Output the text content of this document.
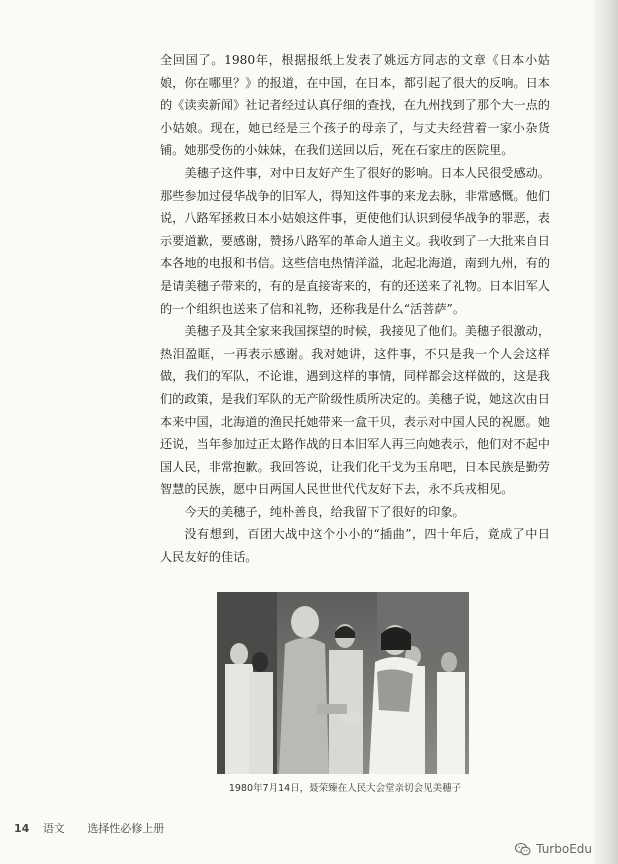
全回国了。1980年，根据报纸上发表了姚远方同志的文章《日本小姑娘，你在哪里？》的报道，在中国，在日本，都引起了很大的反响。日本的《读卖新闻》社记者经过认真仔细的查找，在九州找到了那个大一点的小姑娘。现在，她已经是三个孩子的母亲了，与丈夫经营着一家小杂货铺。她那受伤的小妹妹，在我们送回以后，死在石家庄的医院里。

美穗子这件事，对中日友好产生了很好的影响。日本人民很受感动。那些参加过侵华战争的旧军人，得知这件事的来龙去脉，非常感慨。他们说，八路军拯救日本小姑娘这件事，更使他们认识到侵华战争的罪恶，表示要道歉，要感谢，赞扬八路军的革命人道主义。我收到了一大批来自日本各地的电报和书信。这些信电热情洋溢，北起北海道，南到九州，有的是请美穗子带来的，有的是直接寄来的，有的还送来了礼物。日本旧军人的一个组织也送来了信和礼物，还称我是什么“活菩萨”。

美穗子及其全家来我国探望的时候，我接见了他们。美穗子很激动，热泪盈眶，一再表示感谢。我对她讲，这件事，不只是我一个人会这样做，我们的军队，不论谁，遇到这样的事情，同样都会这样做的，这是我们的政策，是我们军队的无产阶级性质所决定的。美穗子说，她这次由日本来中国，北海道的渔民托她带来一盒干贝，表示对中国人民的祝愿。她还说，当年参加过正太路作战的日本旧军人再三向她表示，他们对不起中国人民，非常抱歉。我回答说，让我们化干戈为玉帛吧，日本民族是勤劳智慧的民族，愿中日两国人民世世代代友好下去，永不兵戎相见。

今天的美穗子，纯朴善良，给我留下了很好的印象。

没有想到，百团大战中这个小小的“插曲”，四十年后，竟成了中日人民友好的佳话。

1980年7月14日，聂荣臻在人民大会堂亲切会见美穗子
14 语文 选择性必修上册
TurboEdu
